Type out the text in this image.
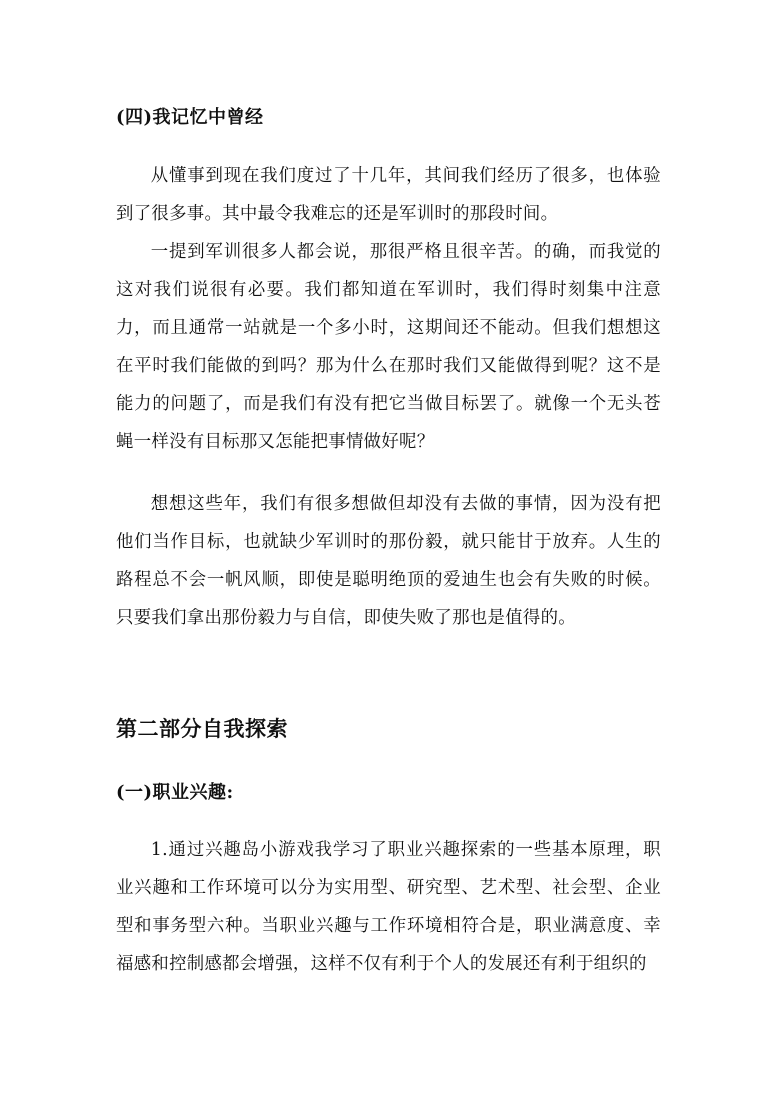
(四)我记忆中曾经

从懂事到现在我们度过了十几年，其间我们经历了很多，也体验到了很多事。其中最令我难忘的还是军训时的那段时间。

一提到军训很多人都会说，那很严格且很辛苦。的确，而我觉的这对我们说很有必要。我们都知道在军训时，我们得时刻集中注意力，而且通常一站就是一个多小时，这期间还不能动。但我们想想这在平时我们能做的到吗？那为什么在那时我们又能做得到呢？这不是能力的问题了，而是我们有没有把它当做目标罢了。就像一个无头苍蝇一样没有目标那又怎能把事情做好呢？

想想这些年，我们有很多想做但却没有去做的事情，因为没有把他们当作目标，也就缺少军训时的那份毅，就只能甘于放弃。人生的路程总不会一帆风顺，即使是聪明绝顶的爱迪生也会有失败的时候。只要我们拿出那份毅力与自信，即使失败了那也是值得的。

第二部分自我探索
(一)职业兴趣:

1.通过兴趣岛小游戏我学习了职业兴趣探索的一些基本原理，职业兴趣和工作环境可以分为实用型、研究型、艺术型、社会型、企业型和事务型六种。当职业兴趣与工作环境相符合是，职业满意度、幸福感和控制感都会增强，这样不仅有利于个人的发展还有利于组织的
